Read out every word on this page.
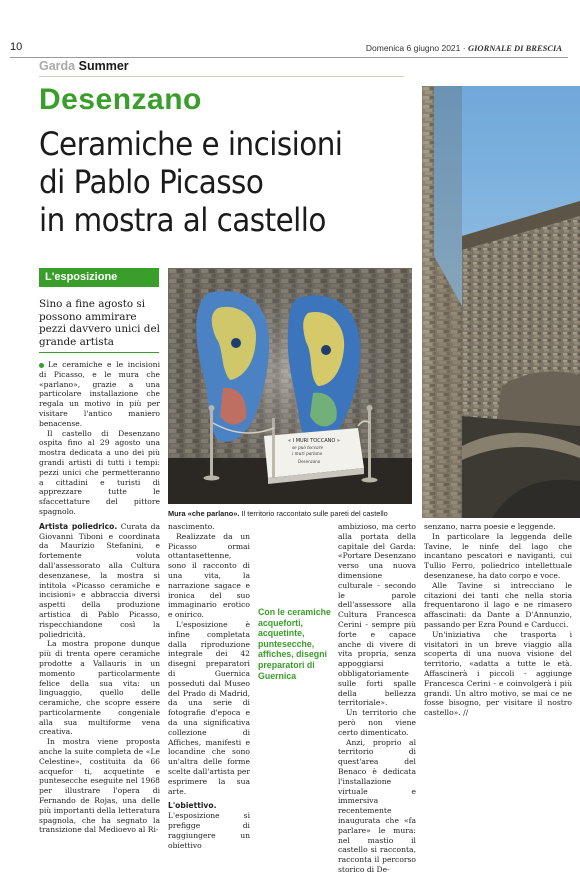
10	Domenica 6 giugno 2021 · GIORNALE DI BRESCIA
Garda Summer
Desenzano
Ceramiche e incisioni
di Pablo Picasso
in mostra al castello
L'esposizione
Sino a fine agosto si possono ammirare pezzi davvero unici del grande artista
« I MURI TOCCANO »
se può toccare
i muri parlano
Desenzano
Mura «che parlano». Il territorio raccontato sulle pareti del castello

Le ceramiche e le incisioni di Picasso, e le mura che «parlano», grazie a una particolare installazione che regala un motivo in più per visitare l'antico maniero benacense.

Il castello di Desenzano ospita fino al 29 agosto una mostra dedicata a uno dei più grandi artisti di tutti i tempi: pezzi unici che permetteranno a cittadini e turisti di apprezzare tutte le sfaccettature del pittore spagnolo.

Artista poliedrico. Curata da Giovanni Tiboni e coordinata da Maurizio Stefanini, e fortemente voluta dall'assessorato alla Cultura desenzanese, la mostra si intitola «Picasso ceramiche e incisioni» e abbraccia diversi aspetti della produzione artistica di Pablo Picasso, rispecchiandone così la poliedricità.

La mostra propone dunque più di trenta opere ceramiche prodotte a Vallauris in un momento particolarmente felice della sua vita: un linguaggio, quello delle ceramiche, che scopre essere particolarmente congeniale alla sua multiforme vena creativa.

In mostra viene proposta anche la suite completa de «Le Celestine», costituita da 66 acquefor ti, acquetinte e puntesecche eseguite nel 1968 per illustrare l'opera di Fernando de Rojas, una delle più importanti della letteratura spagnola, che ha segnato la transizione dal Medioevo al Ri-

nascimento.

Realizzate da un Picasso ormai ottantasettenne, sono il racconto di una vita, la narrazione sagace e ironica del suo immaginario erotico e onirico.

L'esposizione è infine completata dalla riproduzione integrale dei 42 disegni preparatori di Guernica posseduti dal Museo del Prado di Madrid, da una serie di fotografie d'epoca e da una significativa collezione di Affiches, manifesti e locandine che sono un'altra delle forme scelte dall'artista per esprimere la sua arte.

L'obiettivo. L'esposizione si prefigge di raggiungere un obiettivo

Con le ceramiche acqueforti, acquetinte, puntesecche, affiches, disegni preparatori di Guernica

ambizioso, ma certo alla portata della capitale del Garda: «Portare Desenzano verso una nuova dimensione culturale - secondo le parole dell'assessore alla Cultura Francesca Cerini - sempre più forte e capace anche di vivere di vita propria, senza appoggiarsi obbligatoriamente sulle forti spalle della bellezza territoriale».

Un territorio che però non viene certo dimenticato.

Anzi, proprio al territorio di quest'area del Benaco è dedicata l'installazione virtuale e immersiva recentemente inaugurata che «fa parlare» le mura: nel mastio il castello si racconta, racconta il percorso storico di De-

senzano, narra poesie e leggende.

In particolare la leggenda delle Tavine, le ninfe del lago che incantano pescatori e naviganti, cui Tullio Ferro, poliedrico intellettuale desenzanese, ha dato corpo e voce.

Alle Tavine si intrecciano le citazioni dei tanti che nella storia frequentarono il lago e ne rimasero affascinati: da Dante a D'Annunzio, passando per Ezra Pound e Carducci.

Un'iniziativa che trasporta i visitatori in un breve viaggio alla scoperta di una nuova visione del territorio, «adatta a tutte le età. Affascinerà i piccoli - aggiunge Francesca Cerini - e coinvolgerà i più grandi. Un altro motivo, se mai ce ne fosse bisogno, per visitare il nostro castello». //
